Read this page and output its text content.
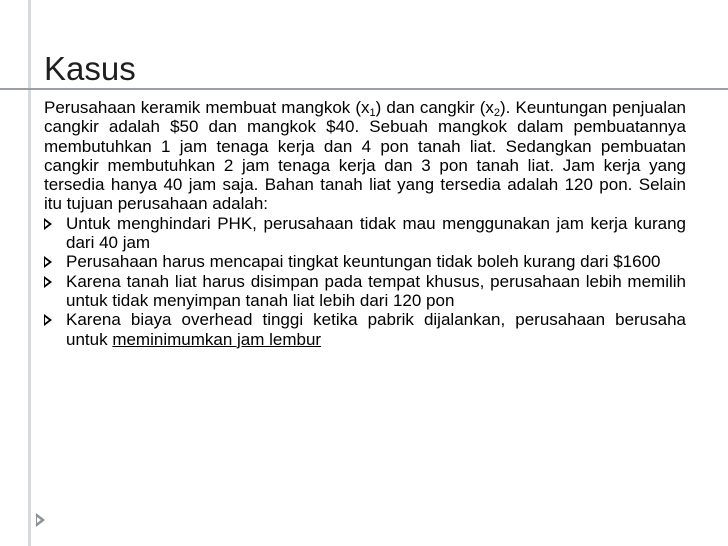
Kasus

Perusahaan keramik membuat mangkok $(x_1)$ dan cangkir $(x_2)$. Keuntungan penjualan cangkir adalah $50 dan mangkok $40. Sebuah mangkok dalam pembuatannya membutuhkan 1 jam tenaga kerja dan 4 pon tanah liat. Sedangkan pembuatan cangkir membutuhkan 2 jam tenaga kerja dan 3 pon tanah liat. Jam kerja yang tersedia hanya 40 jam saja. Bahan tanah liat yang tersedia adalah 120 pon. Selain itu tujuan perusahaan adalah:

Untuk menghindari PHK, perusahaan tidak mau menggunakan jam kerja kurang dari 40 jam
Perusahaan harus mencapai tingkat keuntungan tidak boleh kurang dari $1600
Karena tanah liat harus disimpan pada tempat khusus, perusahaan lebih memilih untuk tidak menyimpan tanah liat lebih dari 120 pon
Karena biaya overhead tinggi ketika pabrik dijalankan, perusahaan berusaha untuk meminimumkan jam lembur
